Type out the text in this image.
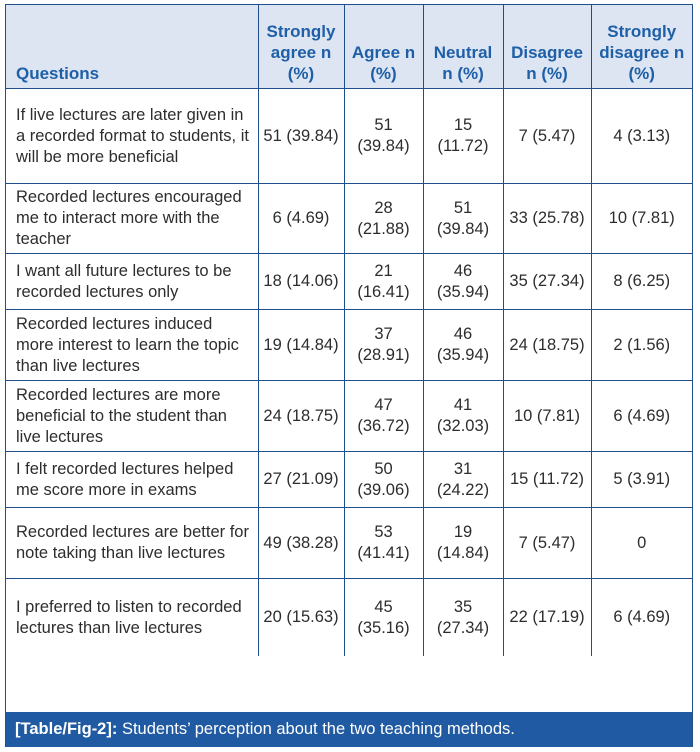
Questions	Strongly agree n (%)	Agree n (%)	Neutral n (%)	Disagree n (%)	Strongly disagree n (%)
If live lectures are later given in a recorded format to students, it will be more beneficial	51 (39.84)	51 (39.84)	15 (11.72)	7 (5.47)	4 (3.13)
Recorded lectures encouraged me to interact more with the teacher	6 (4.69)	28 (21.88)	51 (39.84)	33 (25.78)	10 (7.81)
I want all future lectures to be recorded lectures only	18 (14.06)	21 (16.41)	46 (35.94)	35 (27.34)	8 (6.25)
Recorded lectures induced more interest to learn the topic than live lectures	19 (14.84)	37 (28.91)	46 (35.94)	24 (18.75)	2 (1.56)
Recorded lectures are more beneficial to the student than live lectures	24 (18.75)	47 (36.72)	41 (32.03)	10 (7.81)	6 (4.69)
I felt recorded lectures helped me score more in exams	27 (21.09)	50 (39.06)	31 (24.22)	15 (11.72)	5 (3.91)
Recorded lectures are better for note taking than live lectures	49 (38.28)	53 (41.41)	19 (14.84)	7 (5.47)	0
I preferred to listen to recorded lectures than live lectures	20 (15.63)	45 (35.16)	35 (27.34)	22 (17.19)	6 (4.69)
[Table/Fig-2]: Students’ perception about the two teaching methods.
